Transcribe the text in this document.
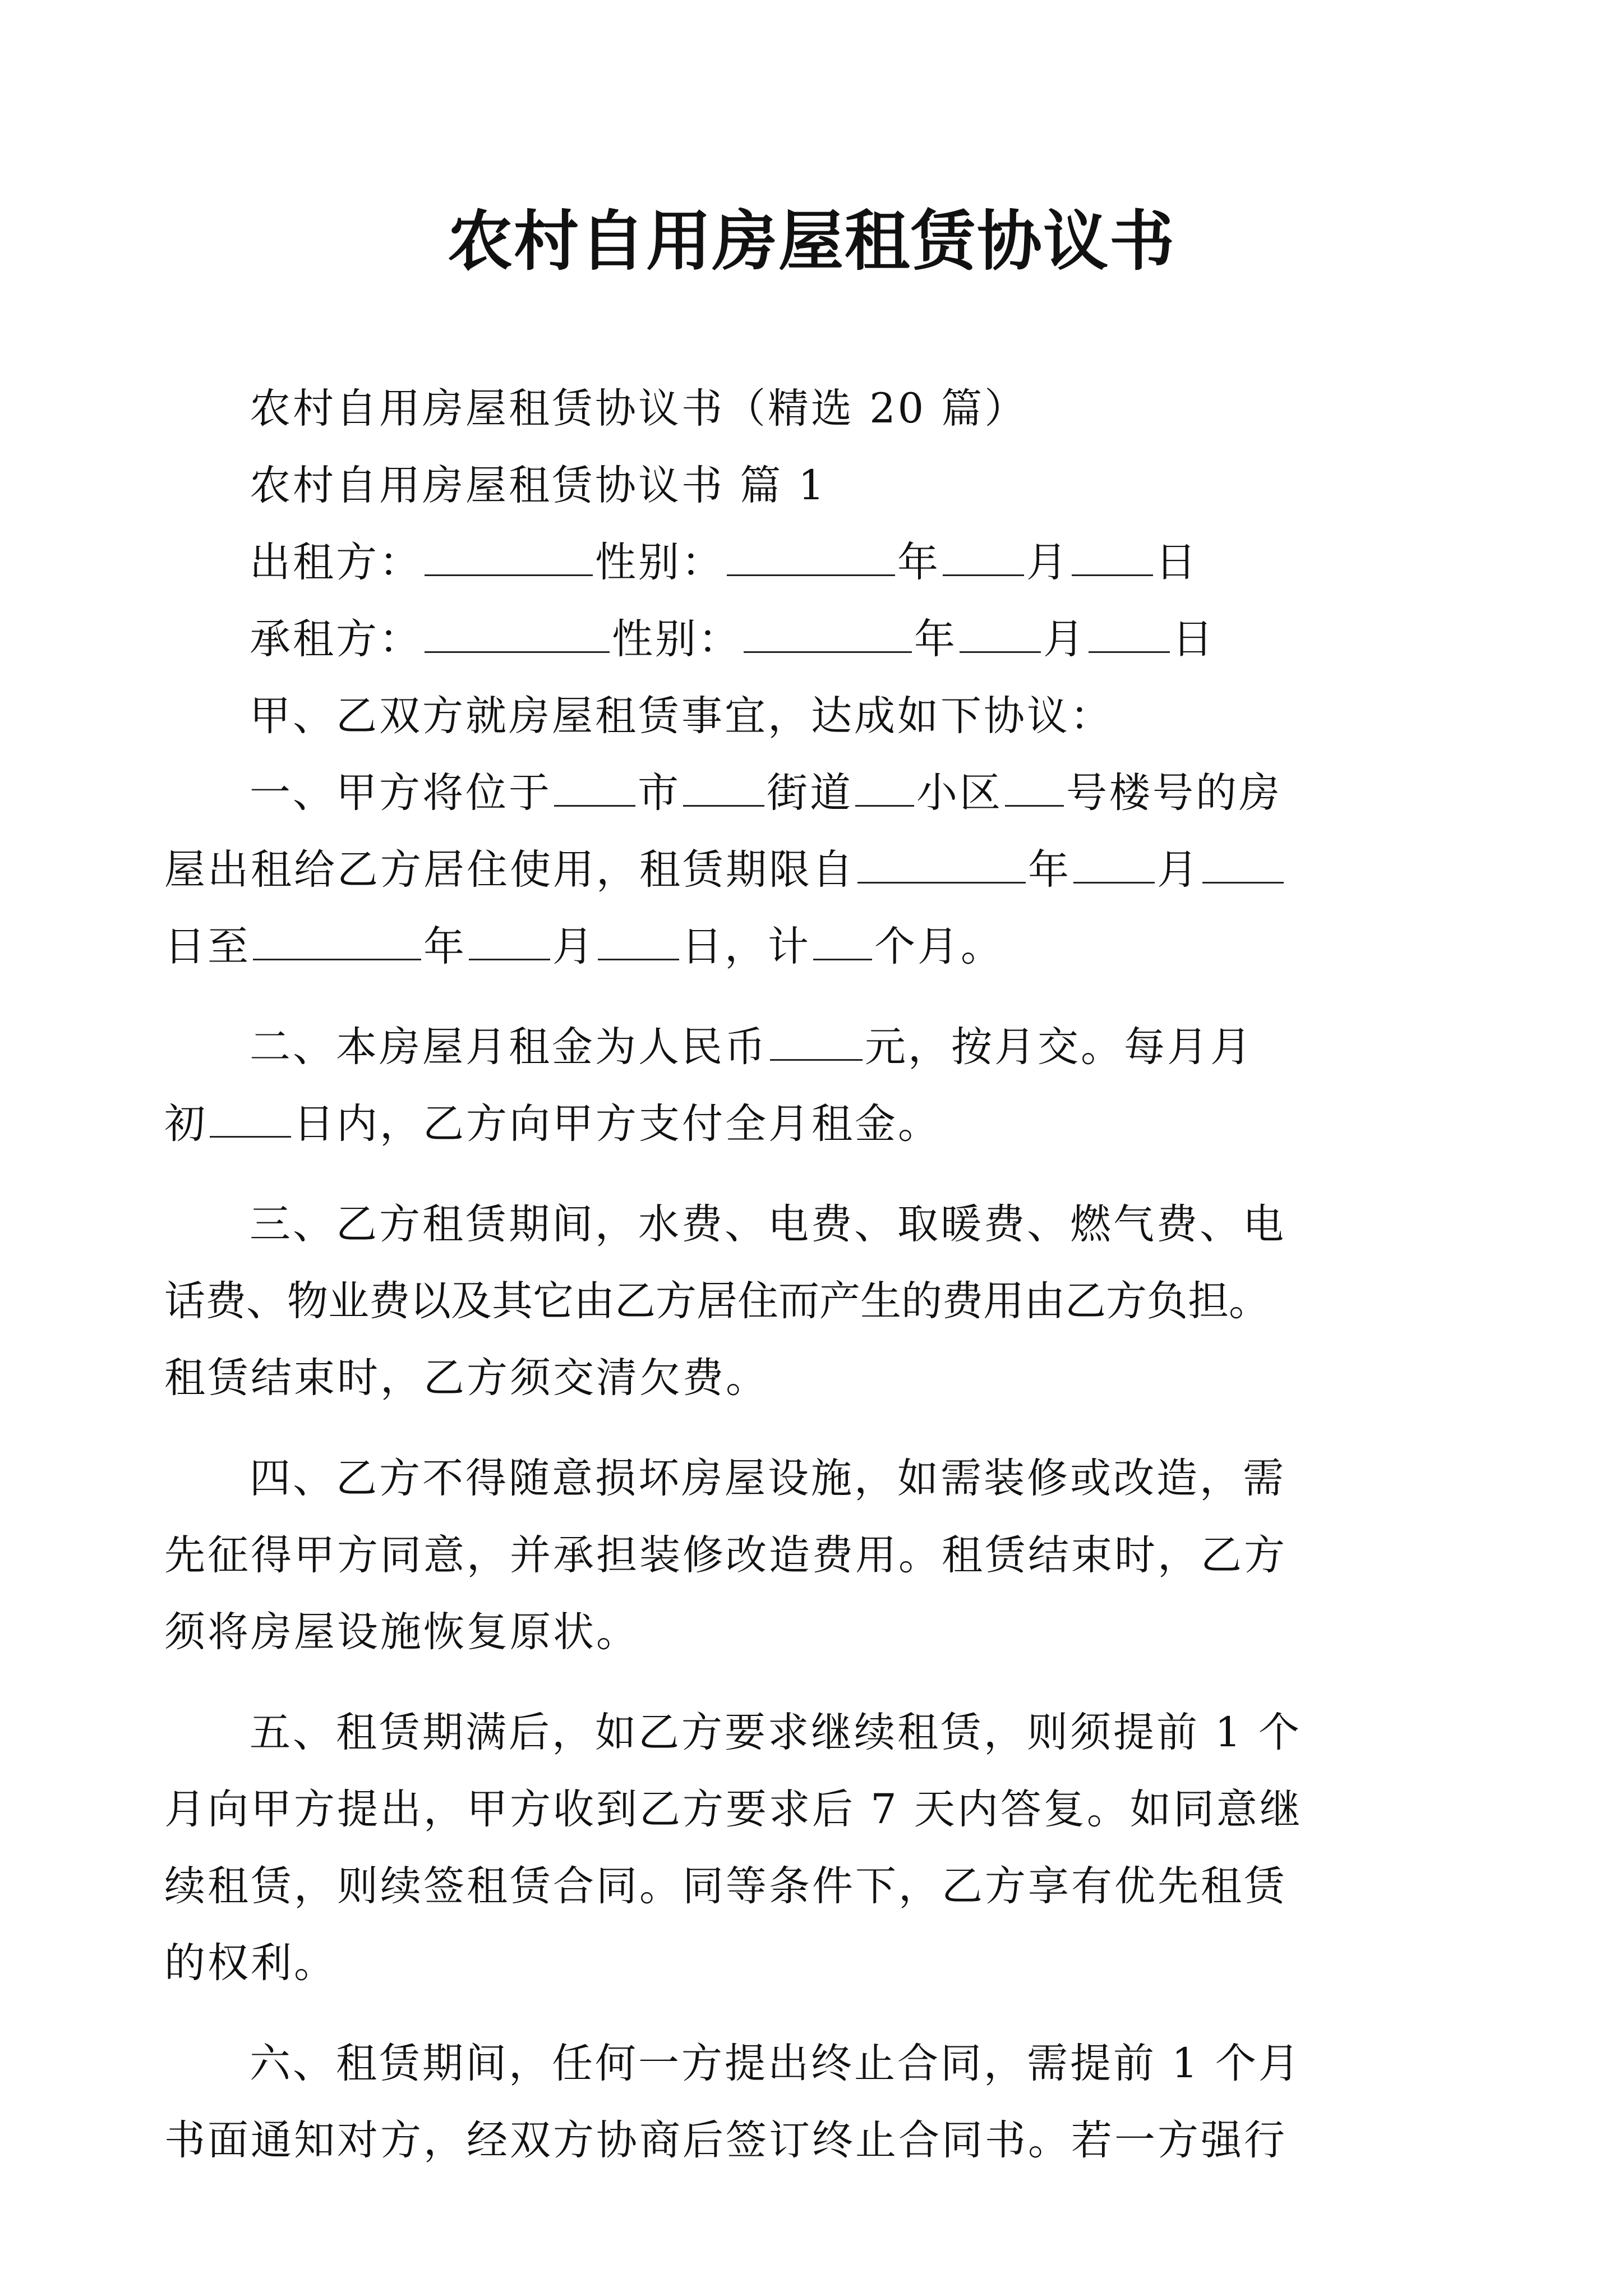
农村自用房屋租赁协议书
农村自用房屋租赁协议书（精选 20 篇）
农村自用房屋租赁协议书 篇 1
出租方：	性别：	年 月 日
承租方：	性别：	年 月 日
甲、乙双方就房屋租赁事宜，达成如下协议：
一、甲方将位于 市 街道 小区 号楼号的房
屋出租给乙方居住使用，租赁期限自	年 月
日至	年 月 日，计 个月。
二、本房屋月租金为人民币 元，按月交。每月月
初 日内，乙方向甲方支付全月租金。
三、乙方租赁期间，水费、电费、取暖费、燃气费、电
话费、物业费以及其它由乙方居住而产生的费用由乙方负担。
租赁结束时，乙方须交清欠费。
四、乙方不得随意损坏房屋设施，如需装修或改造，需
先征得甲方同意，并承担装修改造费用。租赁结束时，乙方
须将房屋设施恢复原状。
五、租赁期满后，如乙方要求继续租赁，则须提前 1 个
月向甲方提出，甲方收到乙方要求后 7 天内答复。如同意继
续租赁，则续签租赁合同。同等条件下，乙方享有优先租赁
的权利。
六、租赁期间，任何一方提出终止合同，需提前 1 个月
书面通知对方，经双方协商后签订终止合同书。若一方强行
